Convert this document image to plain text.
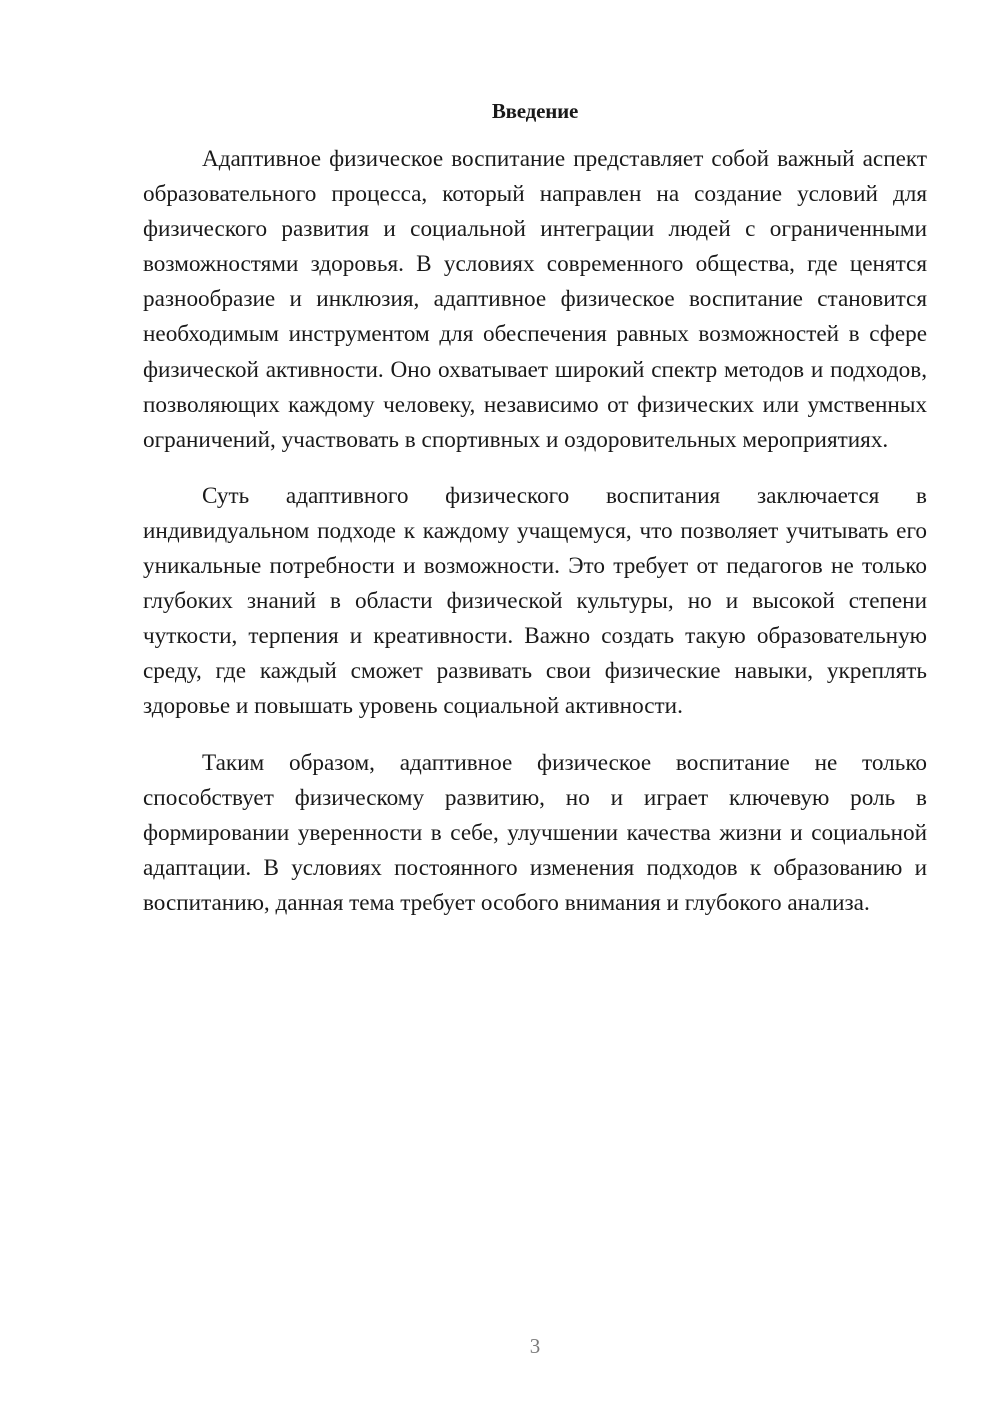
Введение

Адаптивное физическое воспитание представляет собой важный аспект образовательного процесса, который направлен на создание условий для физического развития и социальной интеграции людей с ограниченными возможностями здоровья. В условиях современного общества, где ценятся разнообразие и инклюзия, адаптивное физическое воспитание становится необходимым инструментом для обеспечения равных возможностей в сфере физической активности. Оно охватывает широкий спектр методов и подходов, позволяющих каждому человеку, независимо от физических или умственных ограничений, участвовать в спортивных и оздоровительных мероприятиях.

Суть адаптивного физического воспитания заключается в индивидуальном подходе к каждому учащемуся, что позволяет учитывать его уникальные потребности и возможности. Это требует от педагогов не только глубоких знаний в области физической культуры, но и высокой степени чуткости, терпения и креативности. Важно создать такую образовательную среду, где каждый сможет развивать свои физические навыки, укреплять здоровье и повышать уровень социальной активности.

Таким образом, адаптивное физическое воспитание не только способствует физическому развитию, но и играет ключевую роль в формировании уверенности в себе, улучшении качества жизни и социальной адаптации. В условиях постоянного изменения подходов к образованию и воспитанию, данная тема требует особого внимания и глубокого анализа.

3
